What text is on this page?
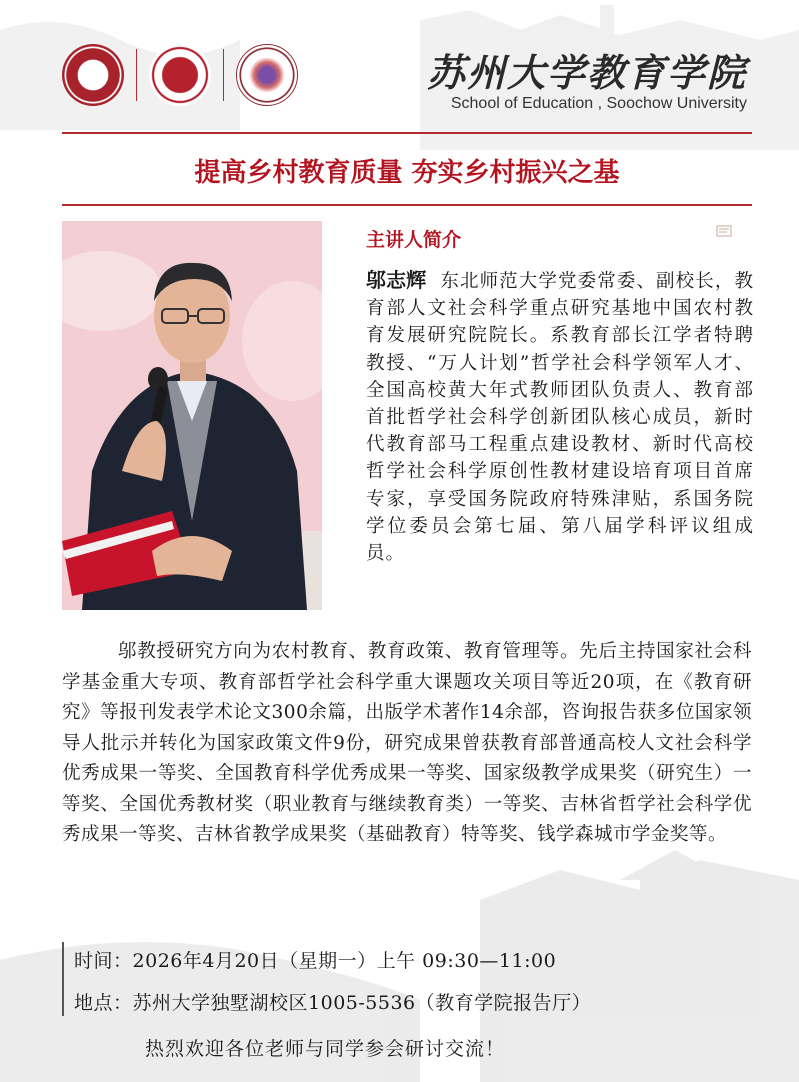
苏州大学教育学院
School of Education , Soochow University
提高乡村教育质量 夯实乡村振兴之基
主讲人简介
邬志辉 东北师范大学党委常委、副校长，教育部人文社会科学重点研究基地中国农村教育发展研究院院长。系教育部长江学者特聘教授、“万人计划”哲学社会科学领军人才、全国高校黄大年式教师团队负责人、教育部首批哲学社会科学创新团队核心成员，新时代教育部马工程重点建设教材、新时代高校哲学社会科学原创性教材建设培育项目首席专家，享受国务院政府特殊津贴，系国务院学位委员会第七届、第八届学科评议组成员。
邬教授研究方向为农村教育、教育政策、教育管理等。先后主持国家社会科学基金重大专项、教育部哲学社会科学重大课题攻关项目等近20项，在《教育研究》等报刊发表学术论文300余篇，出版学术著作14余部，咨询报告获多位国家领导人批示并转化为国家政策文件9份，研究成果曾获教育部普通高校人文社会科学优秀成果一等奖、全国教育科学优秀成果一等奖、国家级教学成果奖（研究生）一等奖、全国优秀教材奖（职业教育与继续教育类）一等奖、吉林省哲学社会科学优秀成果一等奖、吉林省教学成果奖（基础教育）特等奖、钱学森城市学金奖等。
时间：2026年4月20日（星期一）上午 09:30—11:00
地点：苏州大学独墅湖校区1005-5536（教育学院报告厅）
热烈欢迎各位老师与同学参会研讨交流！
